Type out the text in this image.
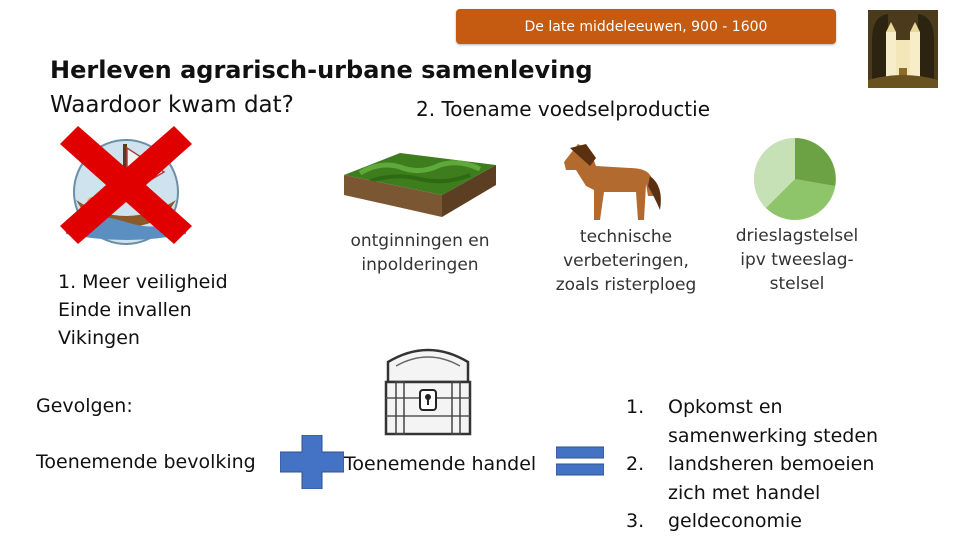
De late middeleeuwen, 900 - 1600
Herleven agrarisch-urbane samenleving
Waardoor kwam dat?	2. Toename voedselproductie
ontginningen en
inpolderingen
technische
verbeteringen,
zoals risterploeg
drieslagstelsel
ipv tweeslag-
stelsel
1. Meer veiligheid
Einde invallen
Vikingen
Gevolgen:
Toenemende bevolking	Toenemende handel
1.	Opkomst en
samenwerking steden
2.	landsheren bemoeien
zich met handel
3.	geldeconomie
